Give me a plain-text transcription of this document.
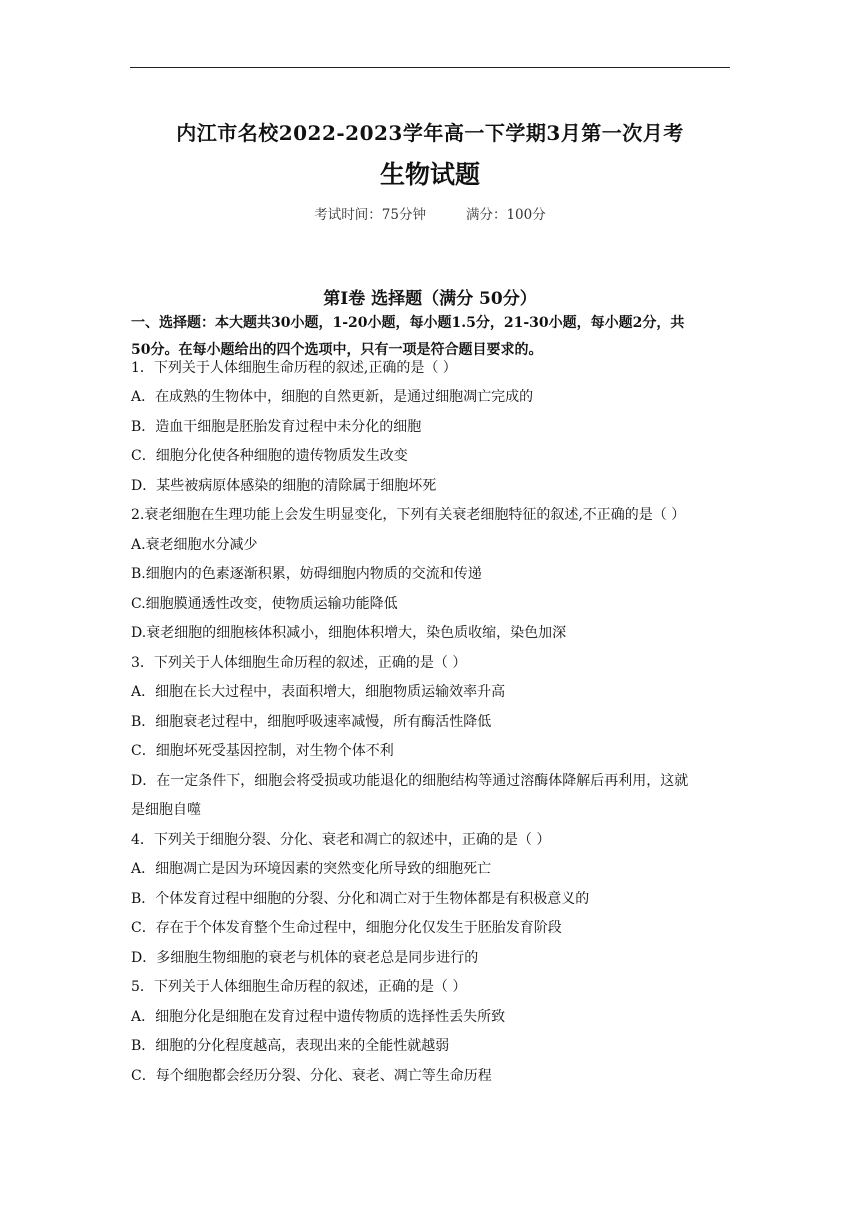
内江市名校2022-2023学年高一下学期3月第一次月考
生物试题
考试时间：75分钟	满分：100分
第Ⅰ卷 选择题（满分 50分）
一、选择题：本大题共30小题，1-20小题，每小题1.5分，21-30小题，每小题2分，共
50分。在每小题给出的四个选项中，只有一项是符合题目要求的。
1．下列关于人体细胞生命历程的叙述,正确的是（ ）
A．在成熟的生物体中，细胞的自然更新，是通过细胞凋亡完成的
B．造血干细胞是胚胎发育过程中未分化的细胞
C．细胞分化使各种细胞的遗传物质发生改变
D．某些被病原体感染的细胞的清除属于细胞坏死
2.衰老细胞在生理功能上会发生明显变化，下列有关衰老细胞特征的叙述,不正确的是（ ）
A.衰老细胞水分减少
B.细胞内的色素逐渐积累，妨碍细胞内物质的交流和传递
C.细胞膜通透性改变，使物质运输功能降低
D.衰老细胞的细胞核体积减小，细胞体积增大，染色质收缩，染色加深
3．下列关于人体细胞生命历程的叙述，正确的是（ ）
A．细胞在长大过程中，表面积增大，细胞物质运输效率升高
B．细胞衰老过程中，细胞呼吸速率减慢，所有酶活性降低
C．细胞坏死受基因控制，对生物个体不利
D．在一定条件下，细胞会将受损或功能退化的细胞结构等通过溶酶体降解后再利用，这就
是细胞自噬
4．下列关于细胞分裂、分化、衰老和凋亡的叙述中，正确的是（ ）
A．细胞凋亡是因为环境因素的突然变化所导致的细胞死亡
B．个体发育过程中细胞的分裂、分化和凋亡对于生物体都是有积极意义的
C．存在于个体发育整个生命过程中，细胞分化仅发生于胚胎发育阶段
D．多细胞生物细胞的衰老与机体的衰老总是同步进行的
5．下列关于人体细胞生命历程的叙述，正确的是（ ）
A．细胞分化是细胞在发育过程中遗传物质的选择性丢失所致
B．细胞的分化程度越高，表现出来的全能性就越弱
C．每个细胞都会经历分裂、分化、衰老、凋亡等生命历程
